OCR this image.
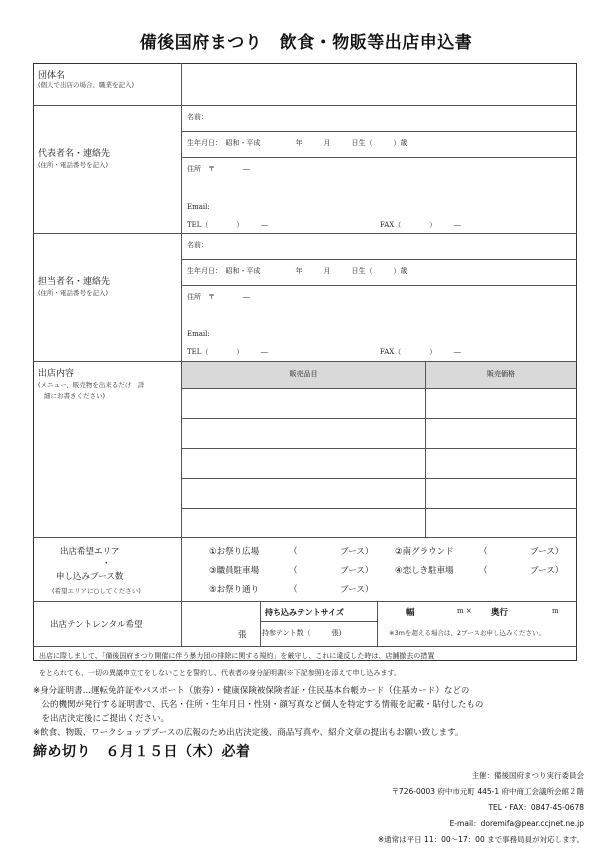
備後国府まつり　飲食・物販等出店申込書
団体名
(個人で出店の場合、職業を記入)
代表者名・連絡先
(住所・電話番号を記入)
名前：
生年月日：　昭和・平成　　　　　年　　　月　　　日生（　　　）歳
住所　〒　　　　―
Email:
TEL（　　　　）　　　―	FAX（　　　　）　　　―
担当者名・連絡先
(住所・電話番号を記入)
名前：
生年月日：　昭和・平成　　　　　年　　　月　　　日生（　　　）歳
住所　〒　　　　―
Email:
TEL（　　　　）　　　―	FAX（　　　　）　　　―
出店内容
(メニュー、販売物を出来るだけ　詳
細にお書きください)
販売品目	販売価格
出店希望エリア
・
申し込みブース数
(希望エリアに○してください)
①お祭り広場	（　　　　　ブース）	②南グラウンド	（　　　　　ブース）
③職員駐車場	（　　　　　ブース）	④恋しき駐車場	（　　　　　ブース）
⑤お祭り通り	（　　　　　ブース）
出店テントレンタル希望
張
持ち込みテントサイズ
持参テント数（　　　張)
幅	m × 奥行	m
※3mを超える場合は、2ブースお申し込みください。
出店に際しまして、「備後国府まつり開催に伴う暴力団の排除に関する規約」を厳守し、これに違反した時は、店舗撤去の措置
をとられても、一切の異議申立てをしないことを誓約し、代表者の身分証明書(※下記参照)を添えて申し込みます。
※身分証明書…運転免許証やパスポート（旅券）・健康保険被保険者証・住民基本台帳カード（住基カード）などの
　公的機関が発行する証明書で、氏名・住所・生年月日・性別・顔写真など個人を特定する情報を記載・貼付したもの
　を出店決定後にご提出ください。
※飲食、物販、ワークショップブースの広報のため出店決定後、商品写真や、紹介文章の提出もお願い致します。
締め切り　６月１５日（木）必着
主催：備後国府まつり実行委員会
〒726-0003 府中市元町 445-1 府中商工会議所会館２階
TEL・FAX：0847-45-0678
E-mail：doremifa@pear.ccjnet.ne.jp
※通常は平日 11：00～17：00 まで事務局員が対応します。
